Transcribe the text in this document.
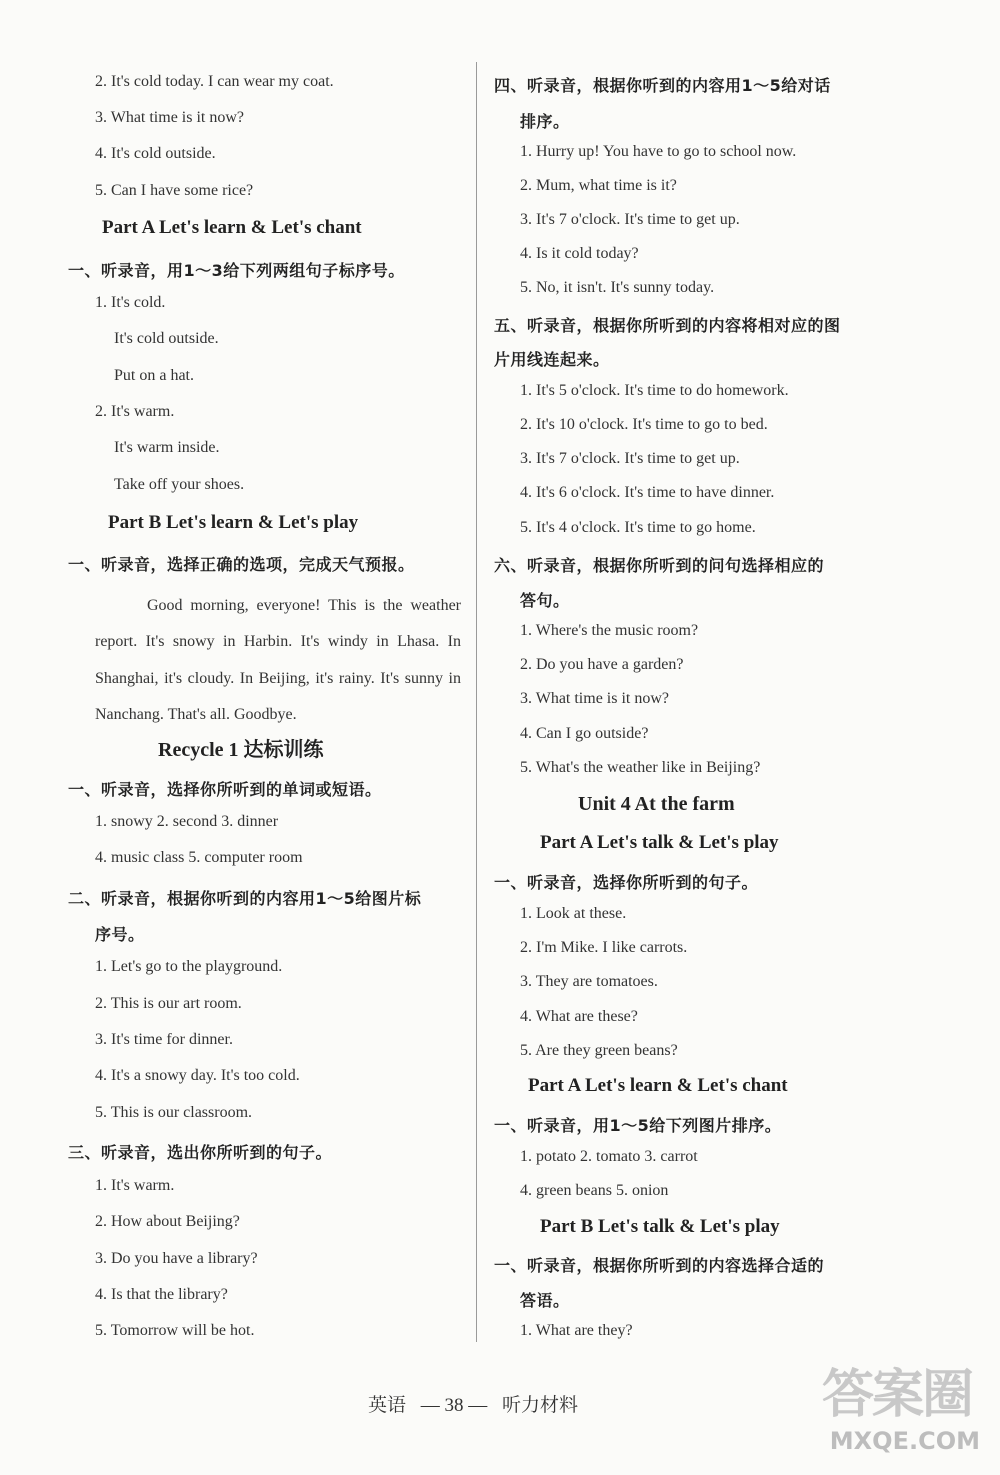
2. It's cold today. I can wear my coat.
3. What time is it now?
4. It's cold outside.
5. Can I have some rice?
Part A Let's learn & Let's chant
一、听录音，用1～3给下列两组句子标序号。
1. It's cold.
It's cold outside.
Put on a hat.
2. It's warm.
It's warm inside.
Take off your shoes.
Part B Let's learn & Let's play
一、听录音，选择正确的选项，完成天气预报。
Recycle 1 达标训练
一、听录音，选择你所听到的单词或短语。
1. snowy 2. second 3. dinner
4. music class 5. computer room
二、听录音，根据你听到的内容用1～5给图片标
序号。
1. Let's go to the playground.
2. This is our art room.
3. It's time for dinner.
4. It's a snowy day. It's too cold.
5. This is our classroom.
三、听录音，选出你所听到的句子。
1. It's warm.
2. How about Beijing?
3. Do you have a library?
4. Is that the library?
5. Tomorrow will be hot.
Good morning, everyone! This is the weather report. It's snowy in Harbin. It's windy in Lhasa. In Shanghai, it's cloudy. In Beijing, it's rainy. It's sunny in Nanchang. That's all. Goodbye.
四、听录音，根据你听到的内容用1～5给对话
排序。
1. Hurry up! You have to go to school now.
2. Mum, what time is it?
3. It's 7 o'clock. It's time to get up.
4. Is it cold today?
5. No, it isn't. It's sunny today.
五、听录音，根据你所听到的内容将相对应的图
片用线连起来。
1. It's 5 o'clock. It's time to do homework.
2. It's 10 o'clock. It's time to go to bed.
3. It's 7 o'clock. It's time to get up.
4. It's 6 o'clock. It's time to have dinner.
5. It's 4 o'clock. It's time to go home.
六、听录音，根据你所听到的问句选择相应的
答句。
1. Where's the music room?
2. Do you have a garden?
3. What time is it now?
4. Can I go outside?
5. What's the weather like in Beijing?
Unit 4 At the farm
Part A Let's talk & Let's play
一、听录音，选择你所听到的句子。
1. Look at these.
2. I'm Mike. I like carrots.
3. They are tomatoes.
4. What are these?
5. Are they green beans?
Part A Let's learn & Let's chant
一、听录音，用1～5给下列图片排序。
1. potato 2. tomato 3. carrot
4. green beans 5. onion
Part B Let's talk & Let's play
一、听录音，根据你所听到的内容选择合适的
答语。
1. What are they?
英语 — 38 — 听力材料	答案圈
MXQE.COM
